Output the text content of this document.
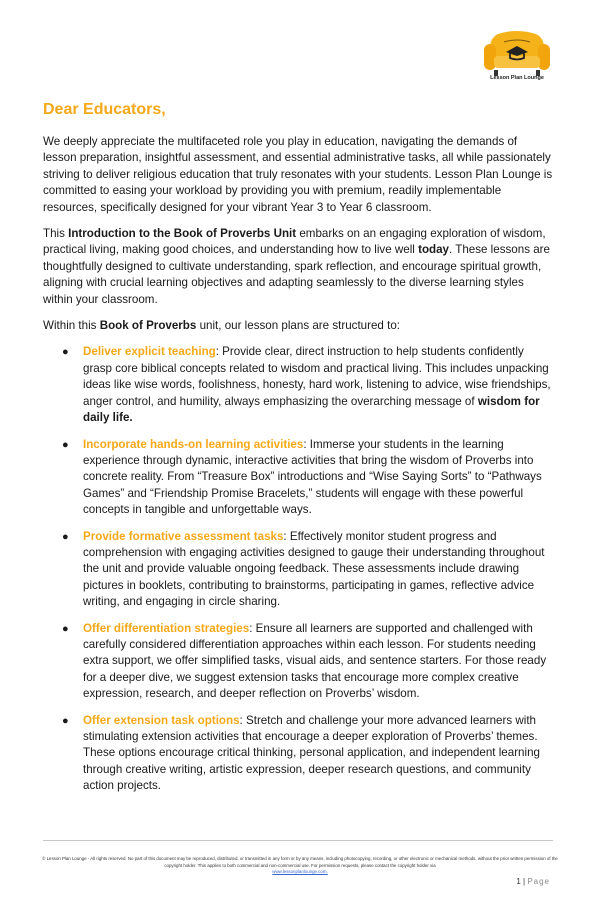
Lesson Plan Lounge
Dear Educators,

We deeply appreciate the multifaceted role you play in education, navigating the demands of lesson preparation, insightful assessment, and essential administrative tasks, all while passionately striving to deliver religious education that truly resonates with your students. Lesson Plan Lounge is committed to easing your workload by providing you with premium, readily implementable resources, specifically designed for your vibrant Year 3 to Year 6 classroom.

This Introduction to the Book of Proverbs Unit embarks on an engaging exploration of wisdom, practical living, making good choices, and understanding how to live well today. These lessons are thoughtfully designed to cultivate understanding, spark reflection, and encourage spiritual growth, aligning with crucial learning objectives and adapting seamlessly to the diverse learning styles within your classroom.

Within this Book of Proverbs unit, our lesson plans are structured to:

● Deliver explicit teaching: Provide clear, direct instruction to help students confidently grasp core biblical concepts related to wisdom and practical living. This includes unpacking ideas like wise words, foolishness, honesty, hard work, listening to advice, wise friendships, anger control, and humility, always emphasizing the overarching message of wisdom for daily life.
● Incorporate hands-on learning activities: Immerse your students in the learning experience through dynamic, interactive activities that bring the wisdom of Proverbs into concrete reality. From “Treasure Box” introductions and “Wise Saying Sorts” to “Pathways Games” and “Friendship Promise Bracelets,” students will engage with these powerful concepts in tangible and unforgettable ways.
● Provide formative assessment tasks: Effectively monitor student progress and comprehension with engaging activities designed to gauge their understanding throughout the unit and provide valuable ongoing feedback. These assessments include drawing pictures in booklets, contributing to brainstorms, participating in games, reflective advice writing, and engaging in circle sharing.
● Offer differentiation strategies: Ensure all learners are supported and challenged with carefully considered differentiation approaches within each lesson. For students needing extra support, we offer simplified tasks, visual aids, and sentence starters. For those ready for a deeper dive, we suggest extension tasks that encourage more complex creative expression, research, and deeper reflection on Proverbs’ wisdom.
● Offer extension task options: Stretch and challenge your more advanced learners with stimulating extension activities that encourage a deeper exploration of Proverbs’ themes. These options encourage critical thinking, personal application, and independent learning through creative writing, artistic expression, deeper research questions, and community action projects.
© Lesson Plan Lounge - All rights reserved. No part of this document may be reproduced, distributed, or transmitted in any form or by any means, including photocopying, recording, or other electronic or mechanical methods, without the prior written permission of the copyright holder. This applies to both commercial and non-commercial use. For permission requests, please contact the copyright holder via
www.lessonplanlounge.com.
1 | Page
